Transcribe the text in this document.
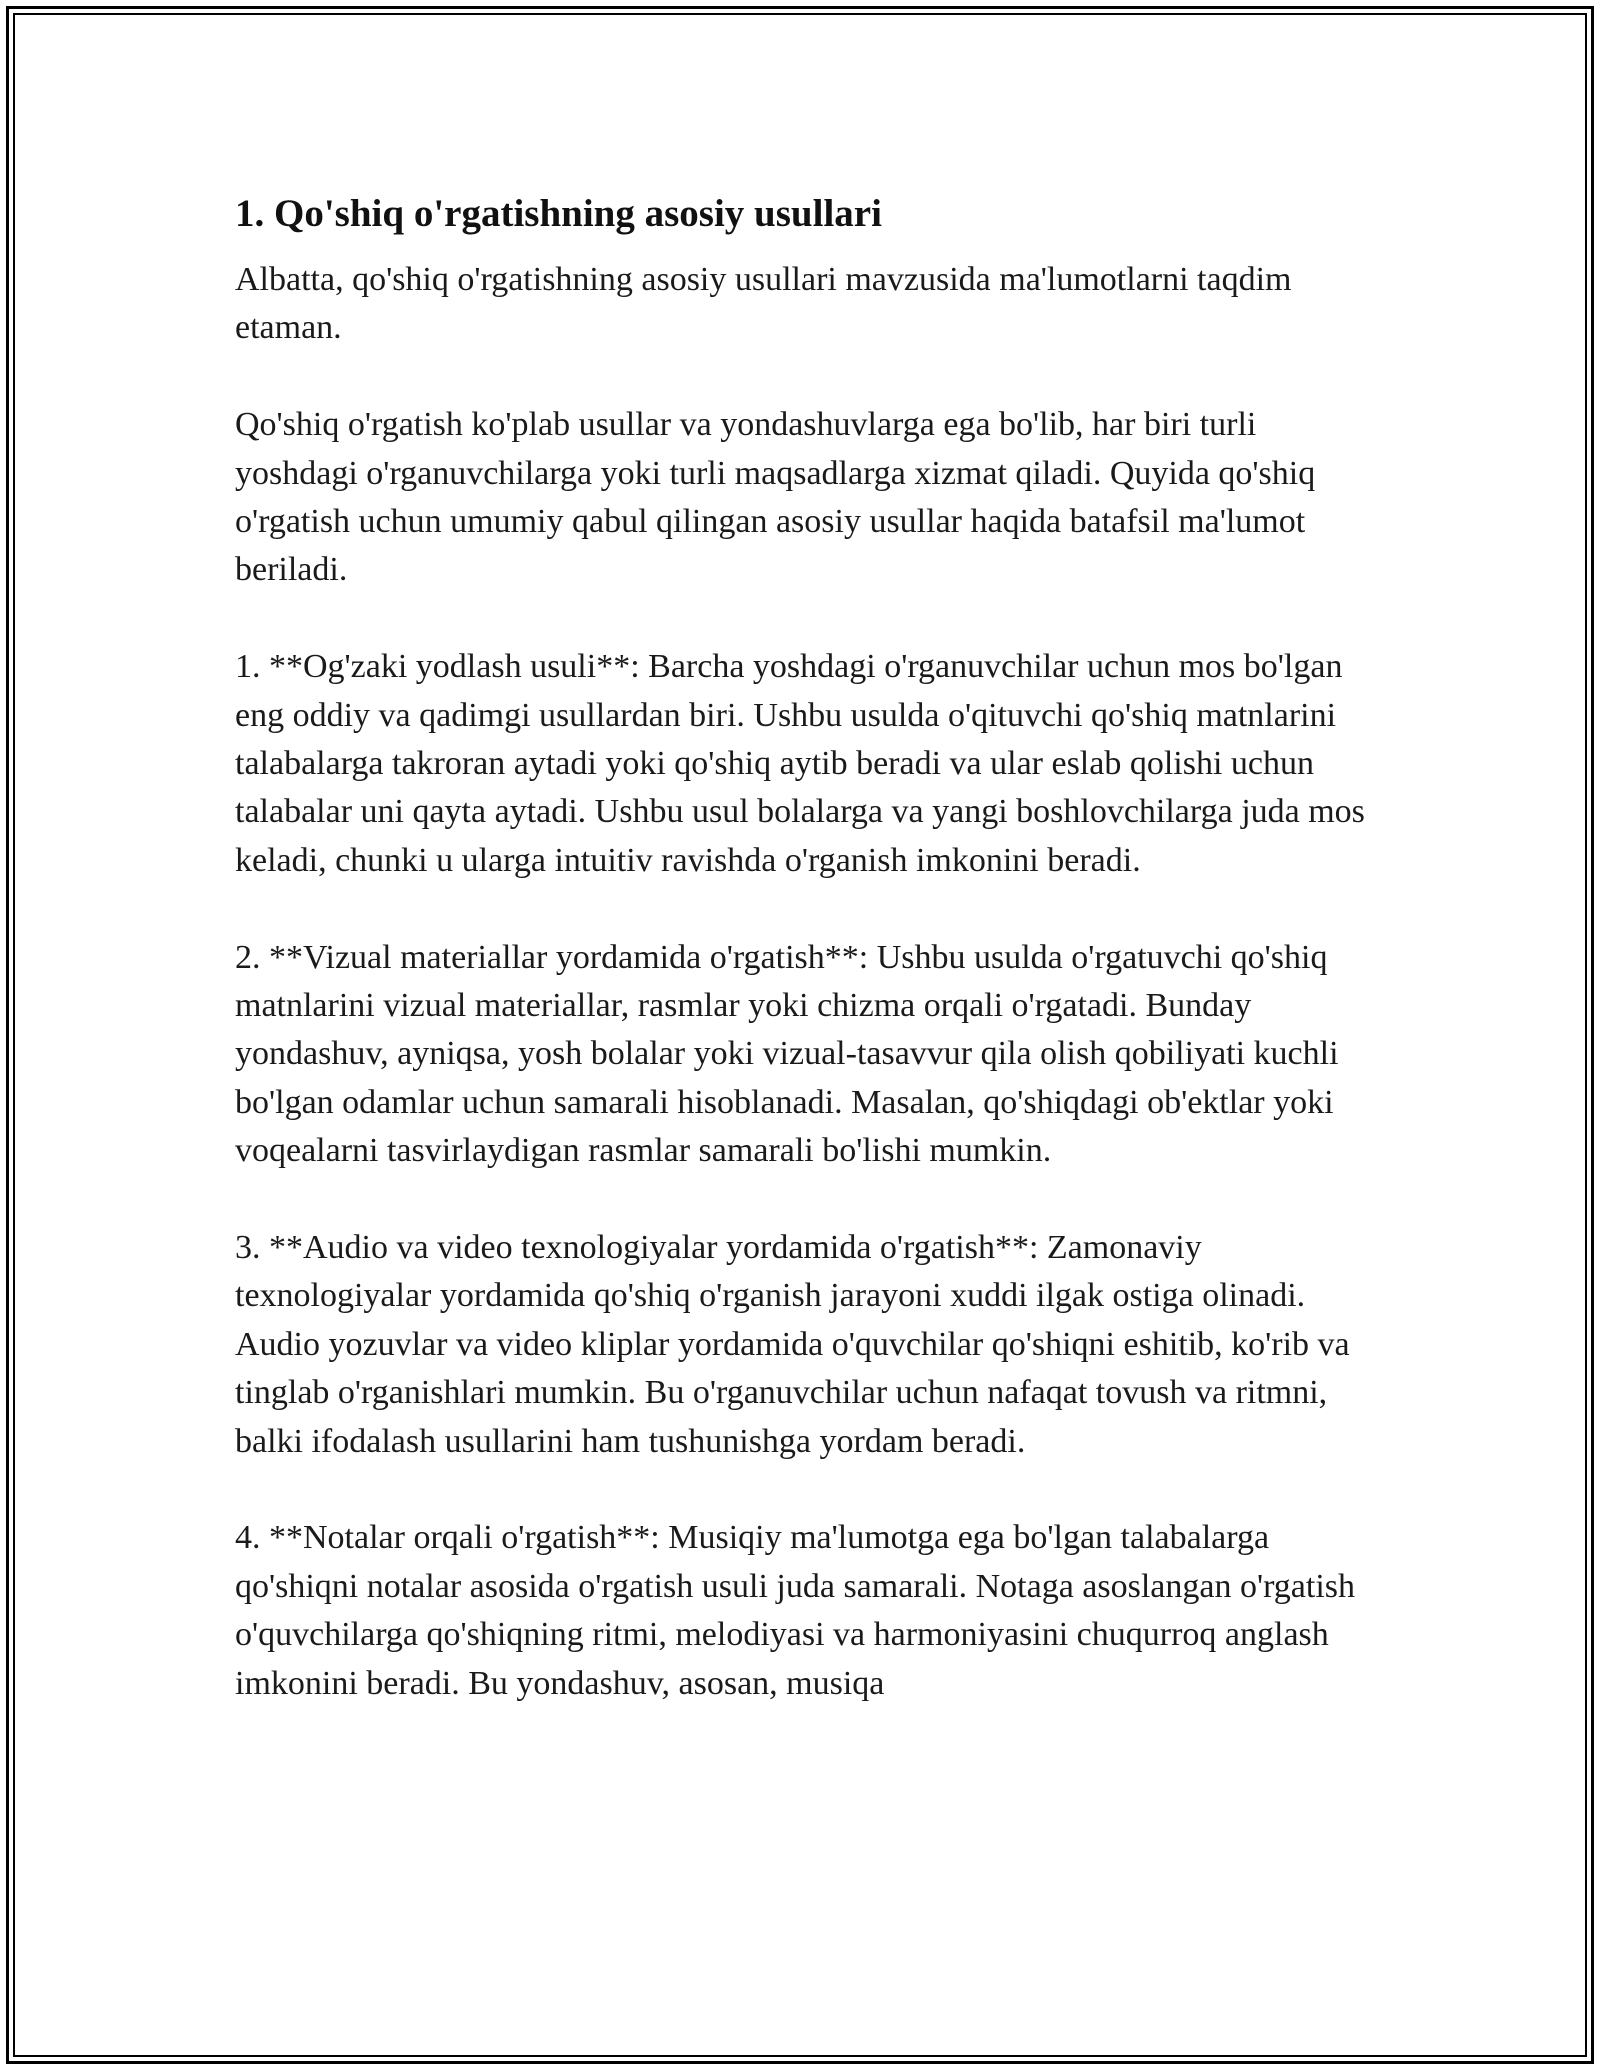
1. Qo'shiq o'rgatishning asosiy usullari

Albatta, qo'shiq o'rgatishning asosiy usullari mavzusida ma'lumotlarni taqdim etaman.

Qo'shiq o'rgatish ko'plab usullar va yondashuvlarga ega bo'lib, har biri turli yoshdagi o'rganuvchilarga yoki turli maqsadlarga xizmat qiladi. Quyida qo'shiq o'rgatish uchun umumiy qabul qilingan asosiy usullar haqida batafsil ma'lumot beriladi.

1. **Og'zaki yodlash usuli**: Barcha yoshdagi o'rganuvchilar uchun mos bo'lgan eng oddiy va qadimgi usullardan biri. Ushbu usulda o'qituvchi qo'shiq matnlarini talabalarga takroran aytadi yoki qo'shiq aytib beradi va ular eslab qolishi uchun talabalar uni qayta aytadi. Ushbu usul bolalarga va yangi boshlovchilarga juda mos keladi, chunki u ularga intuitiv ravishda o'rganish imkonini beradi.

2. **Vizual materiallar yordamida o'rgatish**: Ushbu usulda o'rgatuvchi qo'shiq matnlarini vizual materiallar, rasmlar yoki chizma orqali o'rgatadi. Bunday yondashuv, ayniqsa, yosh bolalar yoki vizual-tasavvur qila olish qobiliyati kuchli bo'lgan odamlar uchun samarali hisoblanadi. Masalan, qo'shiqdagi ob'ektlar yoki voqealarni tasvirlaydigan rasmlar samarali bo'lishi mumkin.

3. **Audio va video texnologiyalar yordamida o'rgatish**: Zamonaviy texnologiyalar yordamida qo'shiq o'rganish jarayoni xuddi ilgak ostiga olinadi. Audio yozuvlar va video kliplar yordamida o'quvchilar qo'shiqni eshitib, ko'rib va tinglab o'rganishlari mumkin. Bu o'rganuvchilar uchun nafaqat tovush va ritmni, balki ifodalash usullarini ham tushunishga yordam beradi.

4. **Notalar orqali o'rgatish**: Musiqiy ma'lumotga ega bo'lgan talabalarga qo'shiqni notalar asosida o'rgatish usuli juda samarali. Notaga asoslangan o'rgatish o'quvchilarga qo'shiqning ritmi, melodiyasi va harmoniyasini chuqurroq anglash imkonini beradi. Bu yondashuv, asosan, musiqa
